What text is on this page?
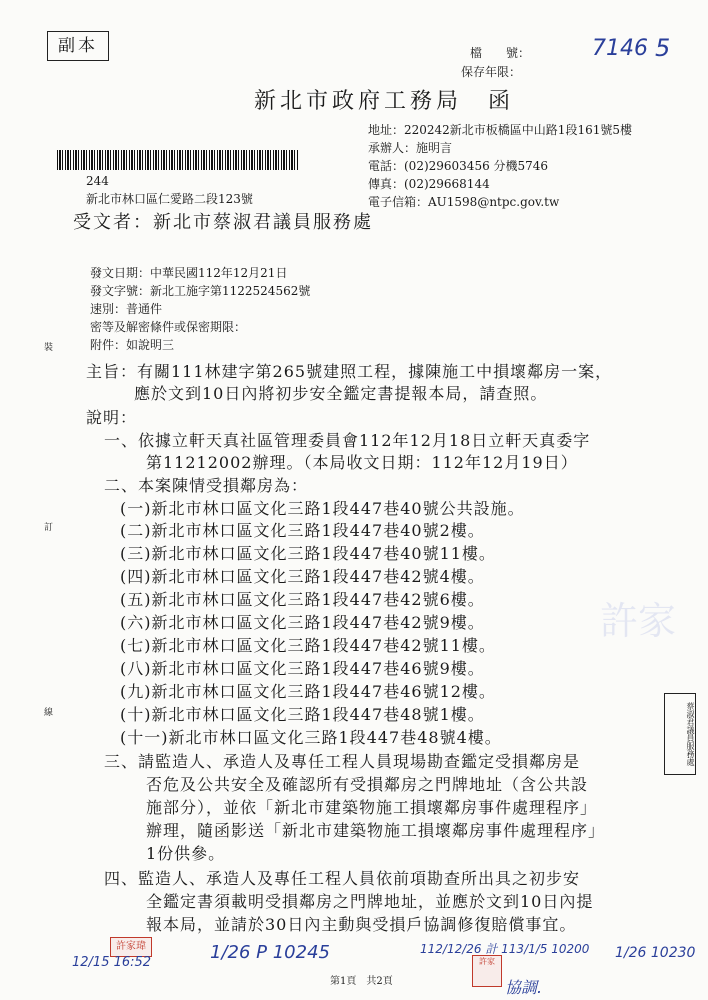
副本	檔　　號：
保存年限：
7146 5
新北市政府工務局　函
地址：220242新北市板橋區中山路1段161號5樓
承辦人：施明言
電話：(02)29603456 分機5746
傳真：(02)29668144
電子信箱：AU1598@ntpc.gov.tw
244
新北市林口區仁愛路二段123號
受文者：新北市蔡淑君議員服務處
發文日期：中華民國112年12月21日
發文字號：新北工施字第1122524562號
速別：普通件
密等及解密條件或保密期限：
附件：如說明三
裝
訂
線
許家
主旨：有關111林建字第265號建照工程，據陳施工中損壞鄰房一案，
應於文到10日內將初步安全鑑定書提報本局，請查照。
說明：
一、依據立軒天真社區管理委員會112年12月18日立軒天真委字
第11212002辦理。（本局收文日期：112年12月19日）
二、本案陳情受損鄰房為：
(一)新北市林口區文化三路1段447巷40號公共設施。
(二)新北市林口區文化三路1段447巷40號2樓。
(三)新北市林口區文化三路1段447巷40號11樓。
(四)新北市林口區文化三路1段447巷42號4樓。
(五)新北市林口區文化三路1段447巷42號6樓。
(六)新北市林口區文化三路1段447巷42號9樓。
(七)新北市林口區文化三路1段447巷42號11樓。
(八)新北市林口區文化三路1段447巷46號9樓。
(九)新北市林口區文化三路1段447巷46號12樓。
(十)新北市林口區文化三路1段447巷48號1樓。
(十一)新北市林口區文化三路1段447巷48號4樓。
三、請監造人、承造人及專任工程人員現場勘查鑑定受損鄰房是
否危及公共安全及確認所有受損鄰房之門牌地址（含公共設
施部分），並依「新北市建築物施工損壞鄰房事件處理程序」
辦理，隨函影送「新北市建築物施工損壞鄰房事件處理程序」
1份供參。
四、監造人、承造人及專任工程人員依前項勘查所出具之初步安
全鑑定書須載明受損鄰房之門牌地址，並應於文到10日內提
報本局，並請於30日內主動與受損戶協調修復賠償事宜。
蔡淑君議員服務處
許家瑋
12/15 16:52	1/26 P 10245	112/12/26 計 113/1/5 10200
許家
協調.
1/26 10230
第1頁　共2頁
